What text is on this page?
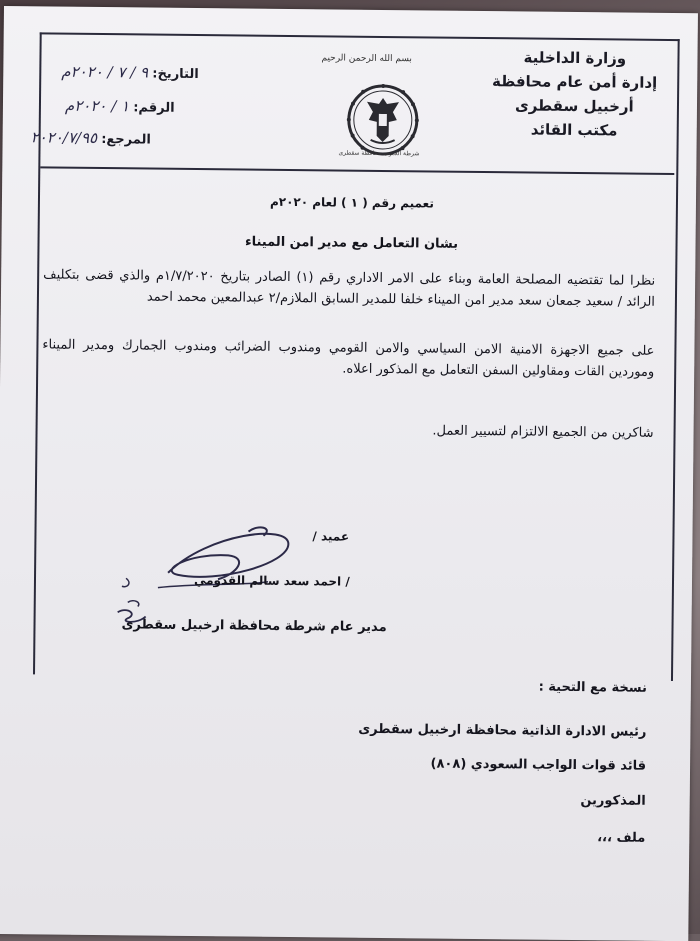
وزارة الداخلية
إدارة أمن عام محافظة
أرخبيل سقطرى
مكتب القائد
بسم الله الرحمن الرحيم
شرطة الجنوب محافظة سقطرى
التاريخ: ٩ / ٧ / ٢٠٢٠م
الرقم: ١ / ٢٠٢٠م
المرجع: ٢٠٢٠/٧/٩٥
تعميم رقم ( ١ ) لعام ٢٠٢٠م
بشان التعامل مع مدير امن الميناء
نظرا لما تقتضيه المصلحة العامة وبناء على الامر الاداري رقم (١) الصادر بتاريخ ١/٧/٢٠٢٠م والذي قضى بتكليف الرائد / سعيد جمعان سعد مدير امن الميناء خلفا للمدير السابق الملازم/٢ عبدالمعين محمد احمد
على جميع الاجهزة الامنية الامن السياسي والامن القومي ومندوب الضرائب ومندوب الجمارك ومدير الميناء وموردين القات ومقاولين السفن التعامل مع المذكور اعلاه.
شاكرين من الجميع الالتزام لتسيير العمل.
عميد /
/ احمد سعد سالم القدومي
مدير عام شرطة محافظة ارخبيل سقطرى
نسخة مع التحية :
رئيس الادارة الذاتية محافظة ارخبيل سقطرى
قائد قوات الواجب السعودي (٨٠٨)
المذكورين
ملف ،،،
